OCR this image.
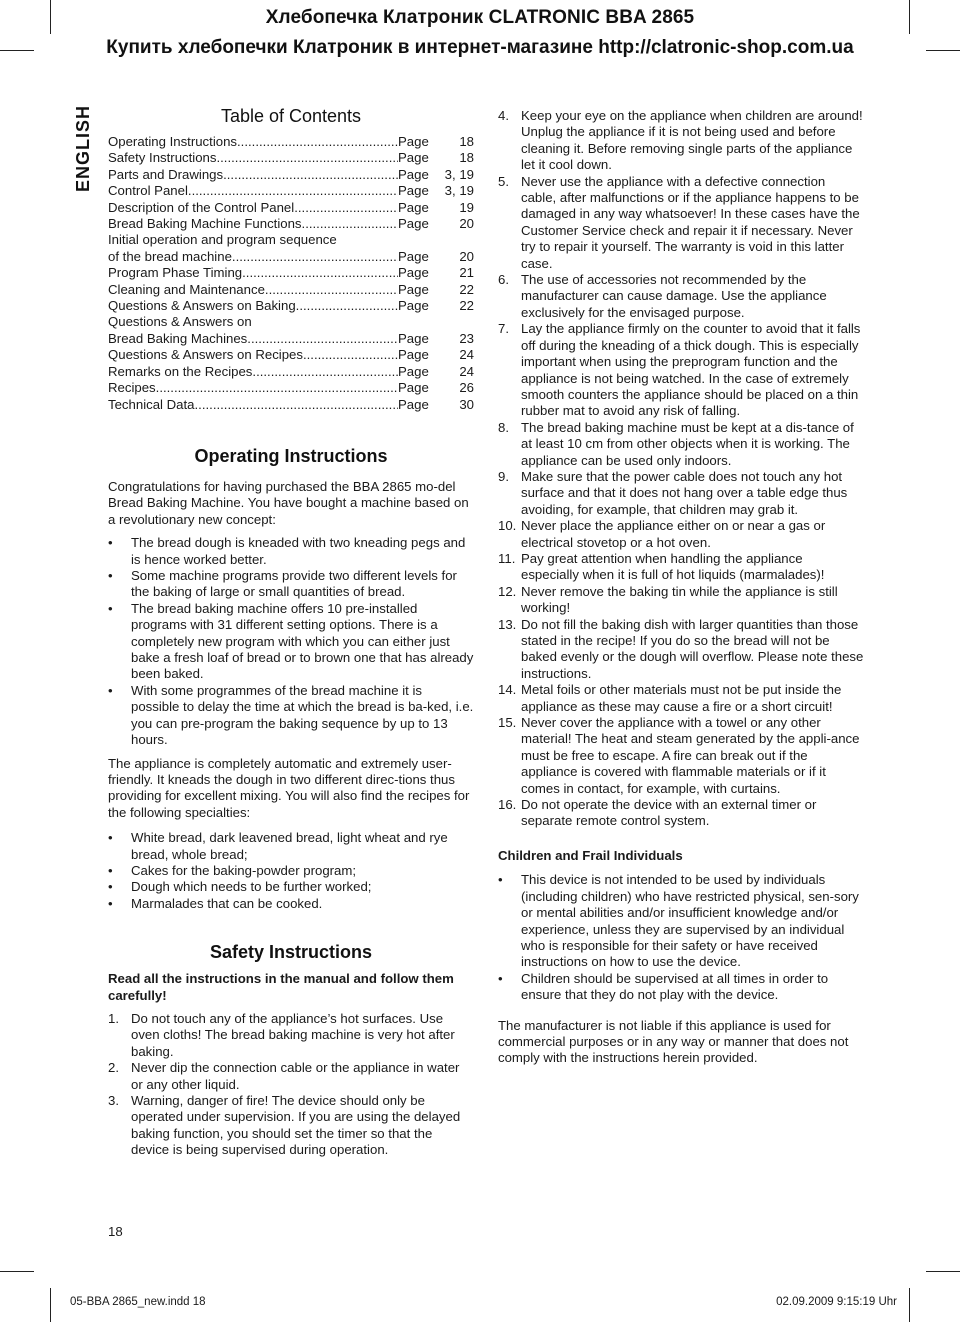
Хлебопечка Клатроник CLATRONIC BBA 2865
Купить хлебопечки Клатроник в интернет-магазине http://clatronic-shop.com.ua
ENGLISH	Table of Contents
Operating Instructions .....	Page	18
Safety Instructions .....	Page	18
Parts and Drawings .....	Page	3, 19
Control Panel .....	Page	3, 19
Description of the Control Panel .....	Page	19
Bread Baking Machine Functions .....	Page	20
Initial operation and program sequence
of the bread machine .....	Page	20
Program Phase Timing .....	Page	21
Cleaning and Maintenance .....	Page	22
Questions & Answers on Baking .....	Page	22
Questions & Answers on
Bread Baking Machines .....	Page	23
Questions & Answers on Recipes .....	Page	24
Remarks on the Recipes .....	Page	24
Recipes .....	Page	26
Technical Data .....	Page	30
Operating Instructions

Congratulations for having purchased the BBA 2865 mo-del Bread Baking Machine. You have bought a machine based on a revolutionary new concept:

• The bread dough is kneaded with two kneading pegs and is hence worked better.
• Some machine programs provide two different levels for the baking of large or small quantities of bread.
• The bread baking machine offers 10 pre-installed programs with 31 different setting options. There is a completely new program with which you can either just bake a fresh loaf of bread or to brown one that has already been baked.
• With some programmes of the bread machine it is possible to delay the time at which the bread is ba-ked, i.e. you can pre-program the baking sequence by up to 13 hours.

The appliance is completely automatic and extremely user-friendly. It kneads the dough in two different direc-tions thus providing for excellent mixing. You will also find the recipes for the following specialties:

• White bread, dark leavened bread, light wheat and rye bread, whole bread;
• Cakes for the baking-powder program;
• Dough which needs to be further worked;
• Marmalades that can be cooked.
Safety Instructions

Read all the instructions in the manual and follow them carefully!

1. Do not touch any of the appliance’s hot surfaces. Use oven cloths! The bread baking machine is very hot after baking.
2. Never dip the connection cable or the appliance in water or any other liquid.
3. Warning, danger of fire! The device should only be operated under supervision. If you are using the delayed baking function, you should set the timer so that the device is being supervised during operation.
4. Keep your eye on the appliance when children are around! Unplug the appliance if it is not being used and before cleaning it. Before removing single parts of the appliance let it cool down.
5. Never use the appliance with a defective connection cable, after malfunctions or if the appliance happens to be damaged in any way whatsoever! In these cases have the Customer Service check and repair it if necessary. Never try to repair it yourself. The warranty is void in this latter case.
6. The use of accessories not recommended by the manufacturer can cause damage. Use the appliance exclusively for the envisaged purpose.
7. Lay the appliance firmly on the counter to avoid that it falls off during the kneading of a thick dough. This is especially important when using the preprogram function and the appliance is not being watched. In the case of extremely smooth counters the appliance should be placed on a thin rubber mat to avoid any risk of falling.
8. The bread baking machine must be kept at a dis-tance of at least 10 cm from other objects when it is working. The appliance can be used only indoors.
9. Make sure that the power cable does not touch any hot surface and that it does not hang over a table edge thus avoiding, for example, that children may grab it.
10. Never place the appliance either on or near a gas or electrical stovetop or a hot oven.
11. Pay great attention when handling the appliance especially when it is full of hot liquids (marmalades)!
12. Never remove the baking tin while the appliance is still working!
13. Do not fill the baking dish with larger quantities than those stated in the recipe! If you do so the bread will not be baked evenly or the dough will overflow. Please note these instructions.
14. Metal foils or other materials must not be put inside the appliance as these may cause a fire or a short circuit!
15. Never cover the appliance with a towel or any other material! The heat and steam generated by the appli-ance must be free to escape. A fire can break out if the appliance is covered with flammable materials or if it comes in contact, for example, with curtains.
16. Do not operate the device with an external timer or separate remote control system.

Children and Frail Individuals

• This device is not intended to be used by individuals (including children) who have restricted physical, sen-sory or mental abilities and/or insufficient knowledge and/or experience, unless they are supervised by an individual who is responsible for their safety or have received instructions on how to use the device.
• Children should be supervised at all times in order to ensure that they do not play with the device.

The manufacturer is not liable if this appliance is used for commercial purposes or in any way or manner that does not comply with the instructions herein provided.

18
05-BBA 2865_new.indd 18	02.09.2009 9:15:19 Uhr
